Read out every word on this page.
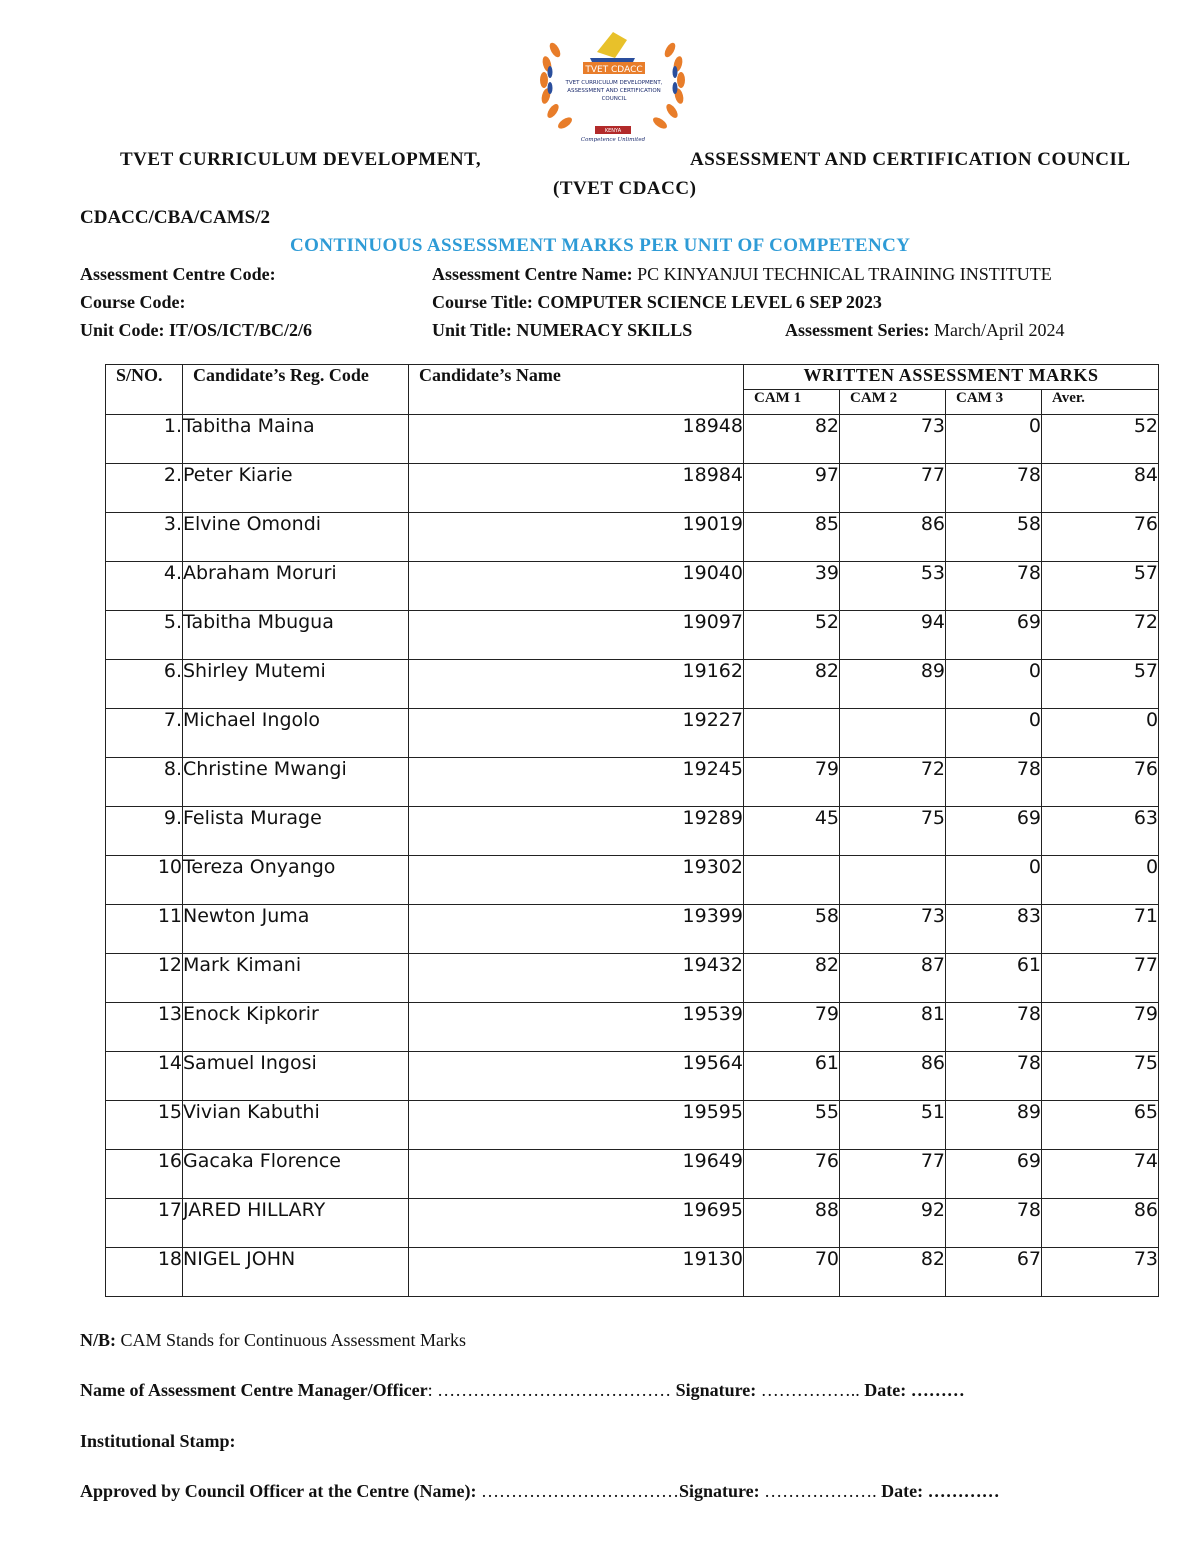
TVET CDACC
TVET CURRICULUM DEVELOPMENT,
ASSESSMENT AND CERTIFICATION
COUNCIL
KENYA
Competence Unlimited
TVET CURRICULUM DEVELOPMENT,	ASSESSMENT AND CERTIFICATION COUNCIL
(TVET CDACC)
CDACC/CBA/CAMS/2
CONTINUOUS ASSESSMENT MARKS PER UNIT OF COMPETENCY
Assessment Centre Code:	Assessment Centre Name: PC KINYANJUI TECHNICAL TRAINING INSTITUTE
Course Code:	Course Title: COMPUTER SCIENCE LEVEL 6 SEP 2023
Unit Code: IT/OS/ICT/BC/2/6	Unit Title: NUMERACY SKILLS	Assessment Series: March/April 2024
S/NO.	Candidate’s Reg. Code	Candidate’s Name	WRITTEN ASSESSMENT MARKS			
			CAM 1	CAM 2	CAM 3	Aver.
1.	Tabitha Maina	18948	82	73	0	52
2.	Peter Kiarie	18984	97	77	78	84
3.	Elvine Omondi	19019	85	86	58	76
4.	Abraham Moruri	19040	39	53	78	57
5.	Tabitha Mbugua	19097	52	94	69	72
6.	Shirley Mutemi	19162	82	89	0	57
7.	Michael Ingolo	19227			0	0
8.	Christine Mwangi	19245	79	72	78	76
9.	Felista Murage	19289	45	75	69	63
10	Tereza Onyango	19302			0	0
11	Newton Juma	19399	58	73	83	71
12	Mark Kimani	19432	82	87	61	77
13	Enock Kipkorir	19539	79	81	78	79
14	Samuel Ingosi	19564	61	86	78	75
15	Vivian Kabuthi	19595	55	51	89	65
16	Gacaka Florence	19649	76	77	69	74
17	JARED HILLARY	19695	88	92	78	86
18	NIGEL JOHN	19130	70	82	67	73
N/B: CAM Stands for Continuous Assessment Marks
Name of Assessment Centre Manager/Officer: ………………………………… Signature: …………….. Date: ………
Institutional Stamp:
Approved by Council Officer at the Centre (Name): ……………………………Signature: ………………. Date: …………
